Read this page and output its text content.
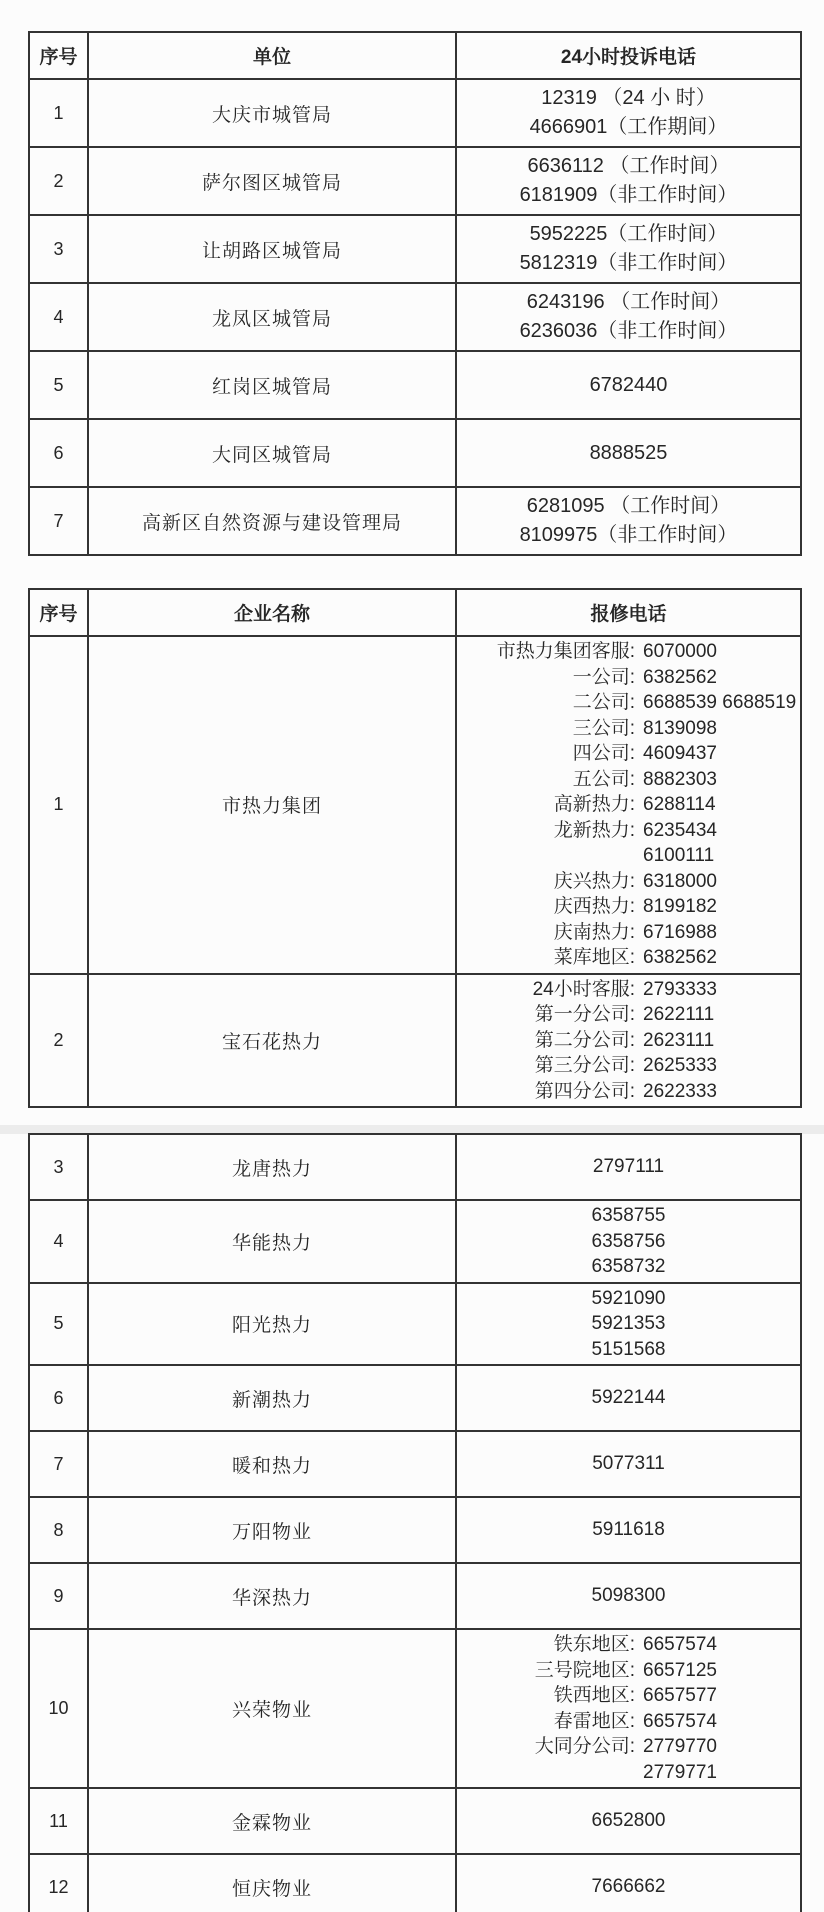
序号	单位	24小时投诉电话
1	大庆市城管局	12319 （24 小 时）
4666901（工作期间）

2	萨尔图区城管局	6636112 （工作时间）
6181909（非工作时间）

3	让胡路区城管局	5952225（工作时间）
5812319（非工作时间）

4	龙凤区城管局	6243196 （工作时间）
6236036（非工作时间）

5	红岗区城管局	6782440

6	大同区城管局	8888525

7	高新区自然资源与建设管理局	6281095 （工作时间）
8109975（非工作时间）
序号	企业名称	报修电话
1	市热力集团	
市热力集团客服: 6070000
一公司: 6382562
二公司: 6688539 6688519
三公司: 8139098
四公司: 4609437
五公司: 8882303
高新热力: 6288114
龙新热力: 6235434
6100111
庆兴热力: 6318000
庆西热力: 8199182
庆南热力: 6716988
菜库地区: 6382562

2	宝石花热力	
24小时客服: 2793333
第一分公司: 2622111
第二分公司: 2623111
第三分公司: 2625333
第四分公司: 2622333
3	龙唐热力	2797111

4	华能热力	6358755
6358756
6358732

5	阳光热力	5921090
5921353
5151568

6	新潮热力	5922144

7	暖和热力	5077311

8	万阳物业	5911618

9	华深热力	5098300

10	兴荣物业	
铁东地区: 6657574
三号院地区: 6657125
铁西地区: 6657577
春雷地区: 6657574
大同分公司: 2779770
2779771

11	金霖物业	6652800

12	恒庆物业	7666662
